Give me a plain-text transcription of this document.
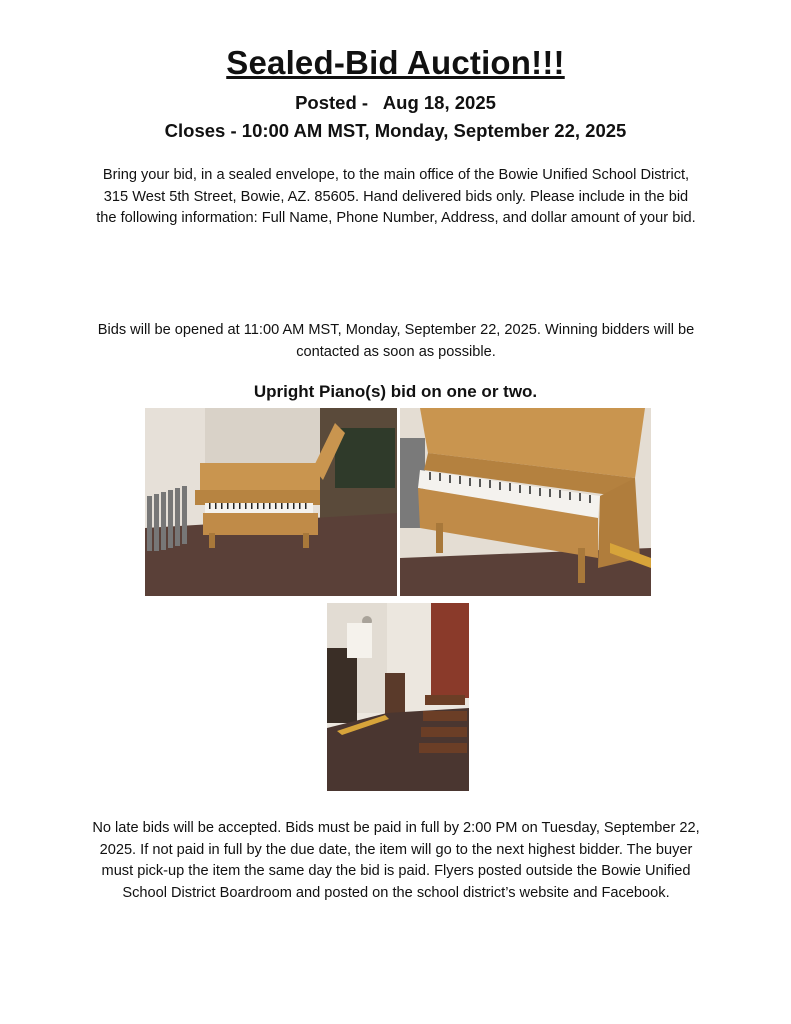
Sealed-Bid Auction!!!
Posted -   Aug 18, 2025
Closes - 10:00 AM MST, Monday, September 22, 2025
Bring your bid, in a sealed envelope, to the main office of the Bowie Unified School District, 315 West 5th Street, Bowie, AZ. 85605. Hand delivered bids only. Please include in the bid the following information: Full Name, Phone Number, Address, and dollar amount of your bid.
Bids will be opened at 11:00 AM MST, Monday, September 22, 2025. Winning bidders will be contacted as soon as possible.
Upright Piano(s) bid on one or two.
No late bids will be accepted. Bids must be paid in full by 2:00 PM on Tuesday, September 22, 2025. If not paid in full by the due date, the item will go to the next highest bidder. The buyer must pick-up the item the same day the bid is paid. Flyers posted outside the Bowie Unified School District Boardroom and posted on the school district’s website and Facebook.
